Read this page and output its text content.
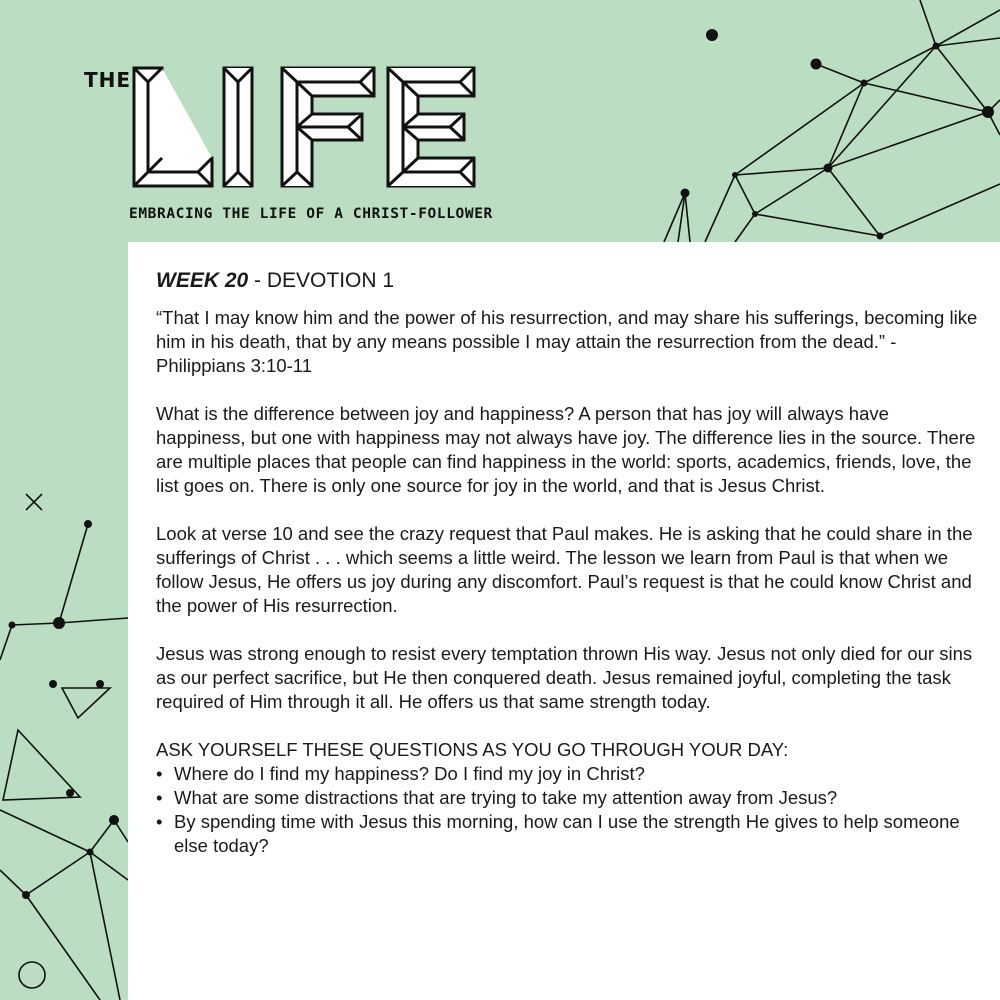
THE
EMBRACING THE LIFE OF A CHRIST-FOLLOWER
WEEK 20 - DEVOTION 1

“That I may know him and the power of his resurrection, and may share his sufferings, becoming like him in his death, that by any means possible I may attain the resurrection from the dead.” - Philippians 3:10-11

What is the difference between joy and happiness? A person that has joy will always have happiness, but one with happiness may not always have joy. The difference lies in the source. There are multiple places that people can find happiness in the world: sports, academics, friends, love, the list goes on. There is only one source for joy in the world, and that is Jesus Christ.

Look at verse 10 and see the crazy request that Paul makes. He is asking that he could share in the sufferings of Christ . . . which seems a little weird. The lesson we learn from Paul is that when we follow Jesus, He offers us joy during any discomfort. Paul’s request is that he could know Christ and the power of His resurrection.

Jesus was strong enough to resist every temptation thrown His way. Jesus not only died for our sins as our perfect sacrifice, but He then conquered death. Jesus remained joyful, completing the task required of Him through it all. He offers us that same strength today.

ASK YOURSELF THESE QUESTIONS AS YOU GO THROUGH YOUR DAY:
• Where do I find my happiness? Do I find my joy in Christ?
• What are some distractions that are trying to take my attention away from Jesus?
• By spending time with Jesus this morning, how can I use the strength He gives to help someone else today?
